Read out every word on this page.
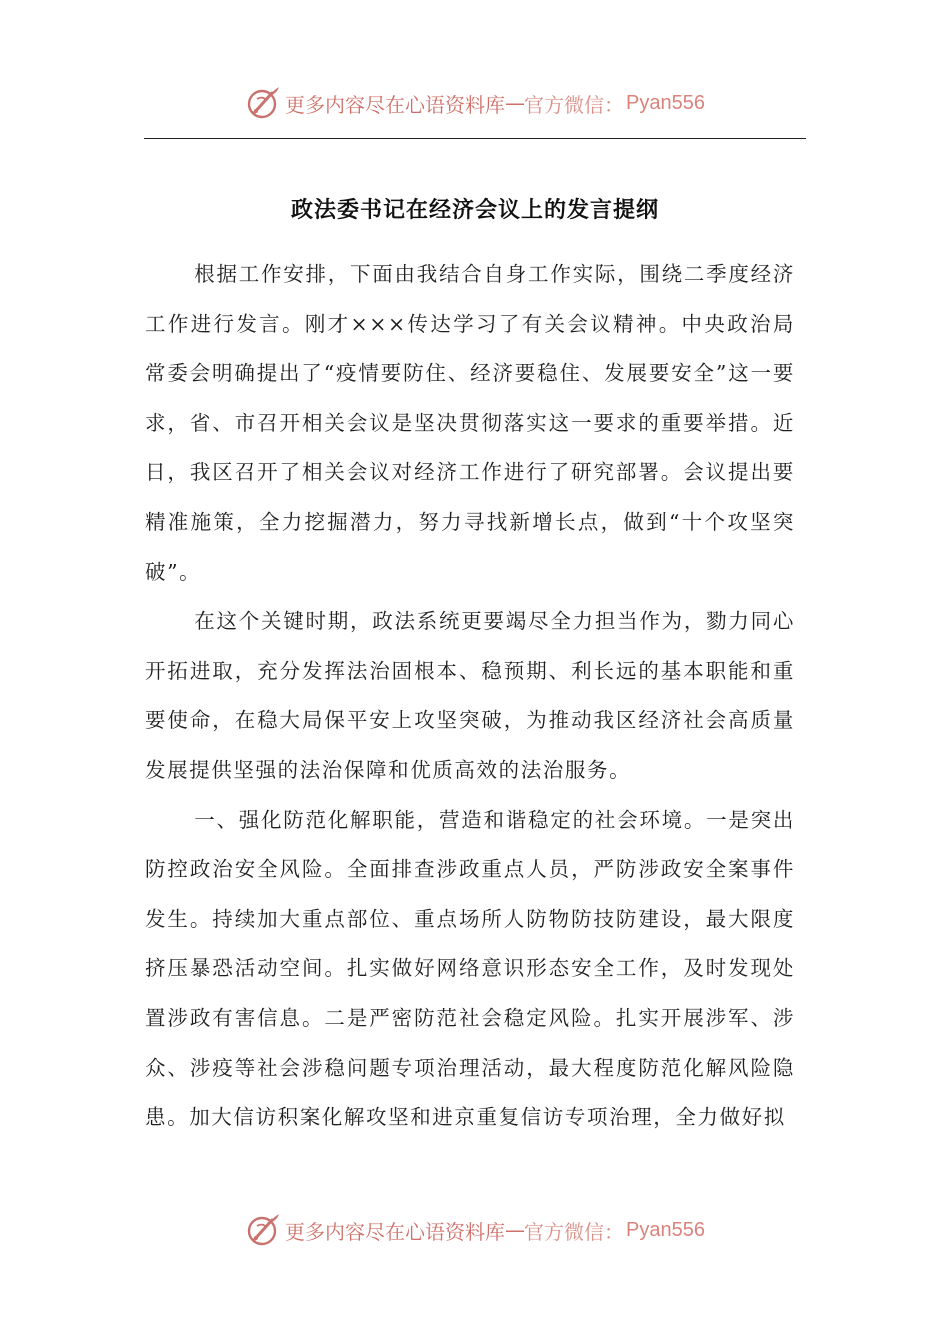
更多内容尽在心语资料库 — 官方微信： Pyan556
政法委书记在经济会议上的发言提纲

根据工作安排，下面由我结合自身工作实际，围绕二季度经济工作进行发言。刚才×××传达学习了有关会议精神。中央政治局常委会明确提出了“疫情要防住、经济要稳住、发展要安全”这一要求，省、市召开相关会议是坚决贯彻落实这一要求的重要举措。近日，我区召开了相关会议对经济工作进行了研究部署。会议提出要精准施策，全力挖掘潜力，努力寻找新增长点，做到“十个攻坚突破”。

在这个关键时期，政法系统更要竭尽全力担当作为，勠力同心开拓进取，充分发挥法治固根本、稳预期、利长远的基本职能和重要使命，在稳大局保平安上攻坚突破，为推动我区经济社会高质量发展提供坚强的法治保障和优质高效的法治服务。

一、强化防范化解职能，营造和谐稳定的社会环境。一是突出防控政治安全风险。全面排查涉政重点人员，严防涉政安全案事件发生。持续加大重点部位、重点场所人防物防技防建设，最大限度挤压暴恐活动空间。扎实做好网络意识形态安全工作，及时发现处置涉政有害信息。二是严密防范社会稳定风险。扎实开展涉军、涉众、涉疫等社会涉稳问题专项治理活动，最大程度防范化解风险隐患。加大信访积案化解攻坚和进京重复信访专项治理，全力做好拟

更多内容尽在心语资料库 — 官方微信： Pyan556
